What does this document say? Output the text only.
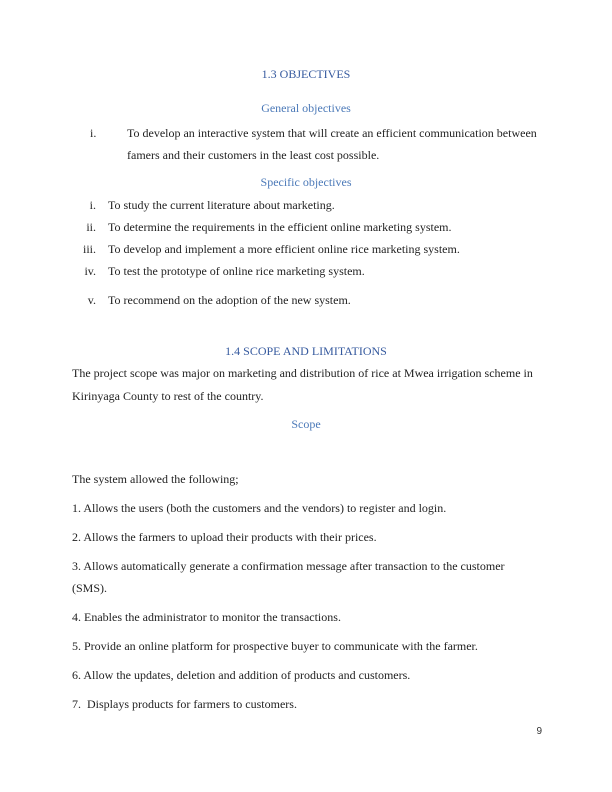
1.3 OBJECTIVES
General objectives
i.	To develop an interactive system that will create an efficient communication between famers and their customers in the least cost possible.
Specific objectives
i. To study the current literature about marketing.
ii. To determine the requirements in the efficient online marketing system.
iii. To develop and implement a more efficient online rice marketing system.
iv. To test the prototype of online rice marketing system.
v. To recommend on the adoption of the new system.
1.4 SCOPE AND LIMITATIONS
The project scope was major on marketing and distribution of rice at Mwea irrigation scheme in Kirinyaga County to rest of the country.
Scope
The system allowed the following;
1. Allows the users (both the customers and the vendors) to register and login.
2. Allows the farmers to upload their products with their prices.
3. Allows automatically generate a confirmation message after transaction to the customer (SMS).
4. Enables the administrator to monitor the transactions.
5. Provide an online platform for prospective buyer to communicate with the farmer.
6. Allow the updates, deletion and addition of products and customers.
7.  Displays products for farmers to customers.
9
